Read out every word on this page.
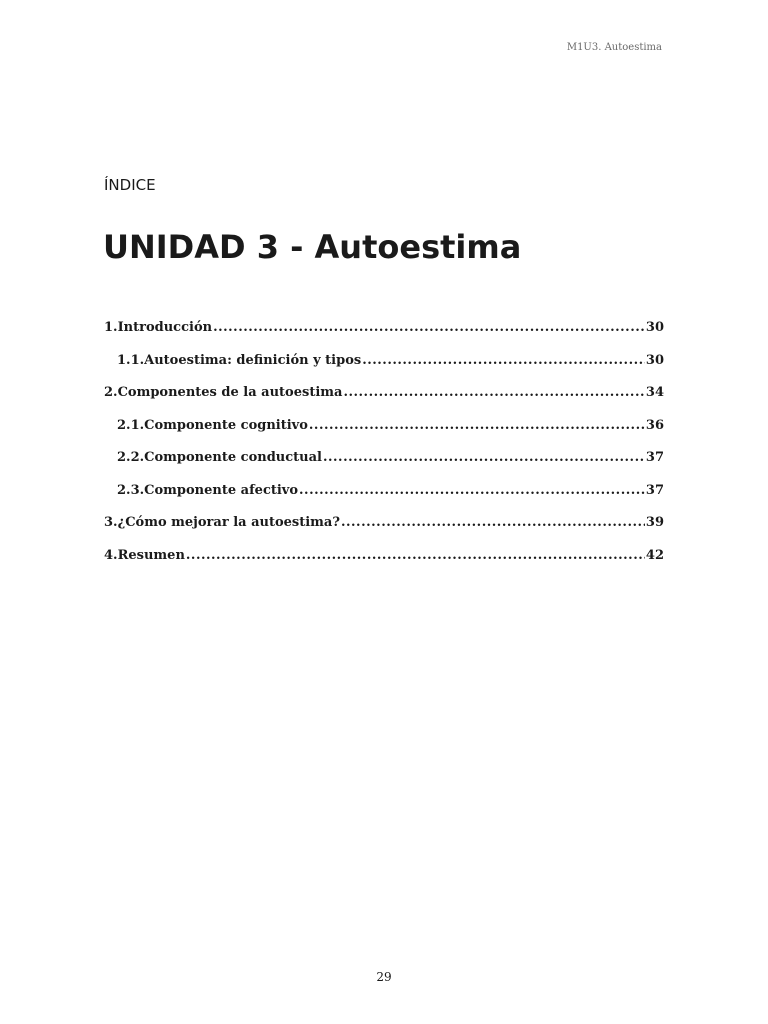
M1U3. Autoestima
ÍNDICE
UNIDAD 3 - Autoestima
1.Introducción .....	30
1.1.Autoestima: definición y tipos .....	30
2.Componentes de la autoestima .....	34
2.1.Componente cognitivo .....	36
2.2.Componente conductual .....	37
2.3.Componente afectivo .....	37
3.¿Cómo mejorar la autoestima? .....	39
4.Resumen .....	42
29
